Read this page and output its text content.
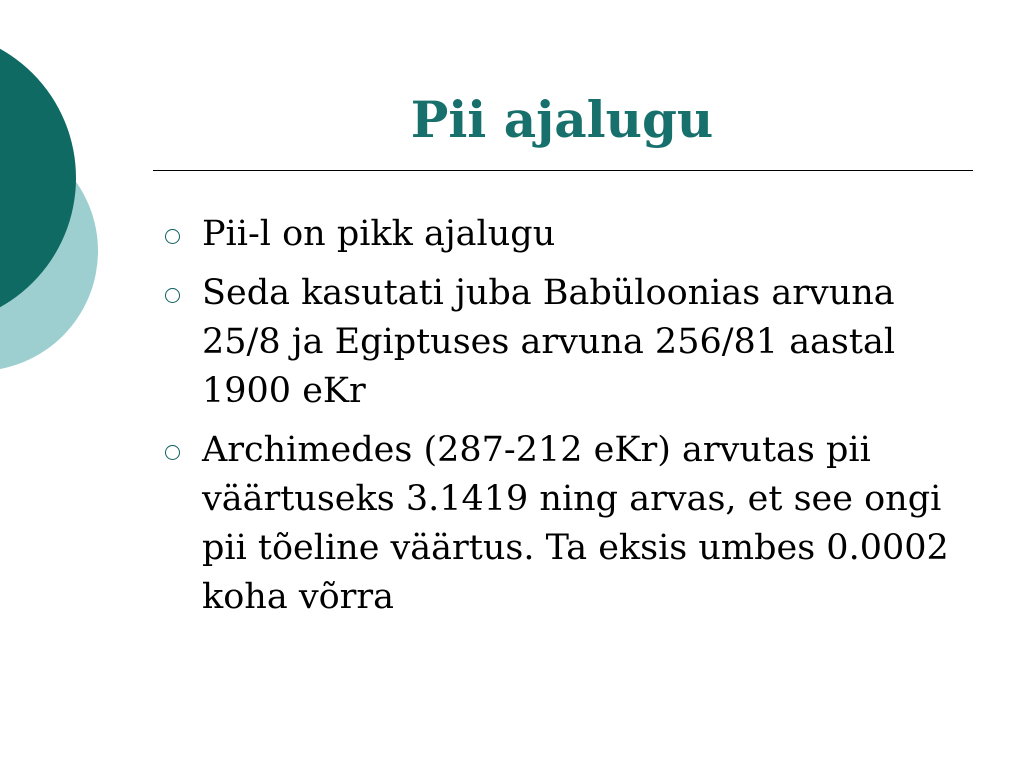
Pii ajalugu
Pii-l on pikk ajalugu
Seda kasutati juba Babüloonias arvuna 25/8 ja Egiptuses arvuna 256/81 aastal 1900 eKr
Archimedes (287-212 eKr) arvutas pii väärtuseks 3.1419 ning arvas, et see ongi pii tõeline väärtus. Ta eksis umbes 0.0002 koha võrra
